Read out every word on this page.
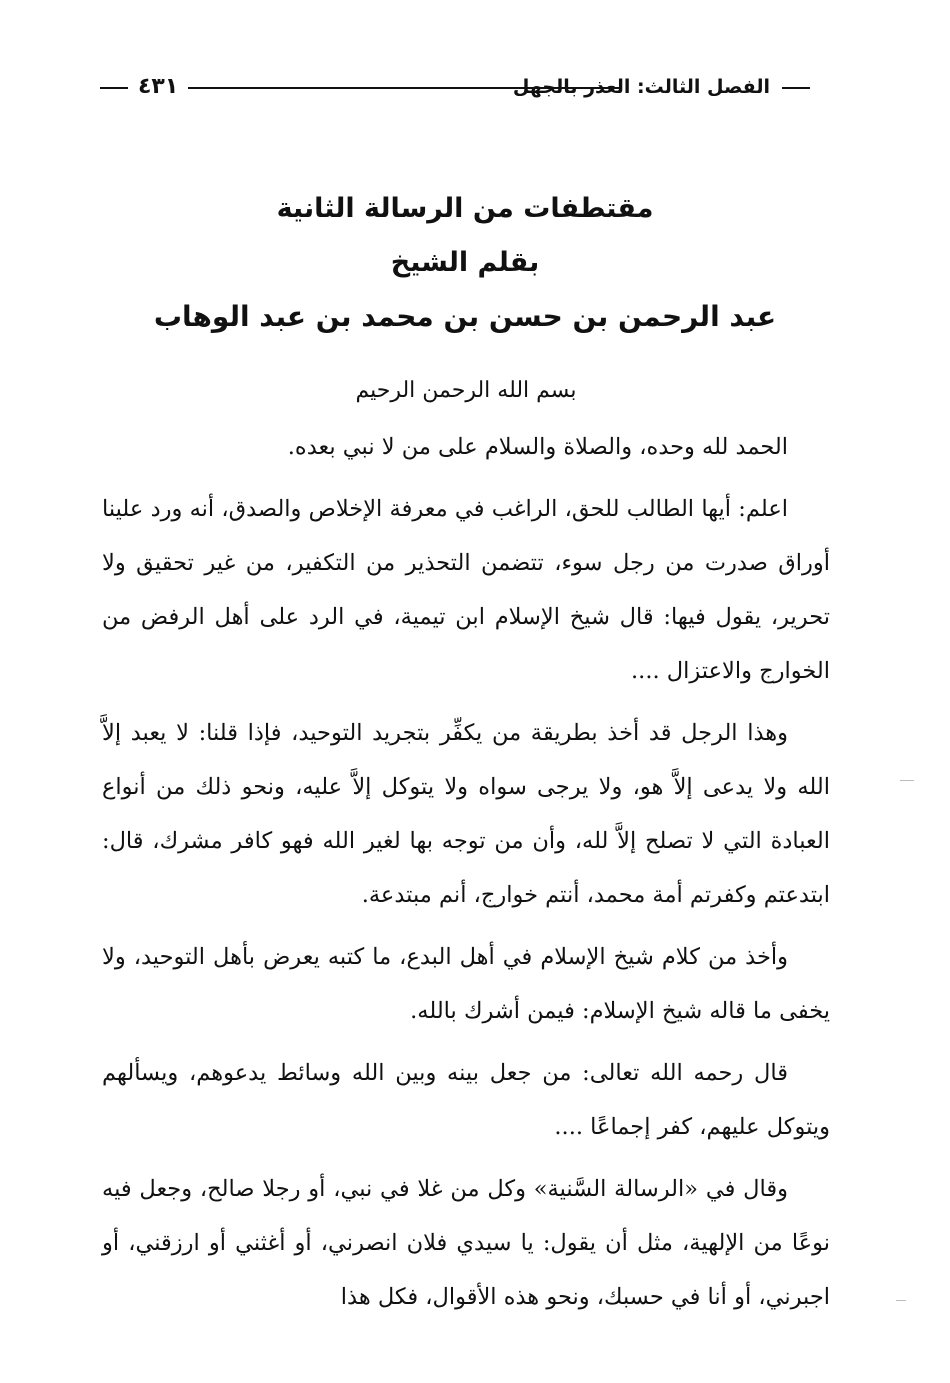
٤٣١	الفصل الثالث: العذر بالجهل
مقتطفات من الرسالة الثانية
بقلم الشيخ
عبد الرحمن بن حسن بن محمد بن عبد الوهاب

بسم الله الرحمن الرحيم

الحمد لله وحده، والصلاة والسلام على من لا نبي بعده.

اعلم: أيها الطالب للحق، الراغب في معرفة الإخلاص والصدق، أنه ورد علينا أوراق صدرت من رجل سوء، تتضمن التحذير من التكفير، من غير تحقيق ولا تحرير، يقول فيها: قال شيخ الإسلام ابن تيمية، في الرد على أهل الرفض من الخوارج والاعتزال ....

وهذا الرجل قد أخذ بطريقة من يكفِّر بتجريد التوحيد، فإذا قلنا: لا يعبد إلاَّ الله ولا يدعى إلاَّ هو، ولا يرجى سواه ولا يتوكل إلاَّ عليه، ونحو ذلك من أنواع العبادة التي لا تصلح إلاَّ لله، وأن من توجه بها لغير الله فهو كافر مشرك، قال: ابتدعتم وكفرتم أمة محمد، أنتم خوارج، أنم مبتدعة.

وأخذ من كلام شيخ الإسلام في أهل البدع، ما كتبه يعرض بأهل التوحيد، ولا يخفى ما قاله شيخ الإسلام: فيمن أشرك بالله.

قال رحمه الله تعالى: من جعل بينه وبين الله وسائط يدعوهم، ويسألهم ويتوكل عليهم، كفر إجماعًا ....

وقال في «الرسالة السَّنية» وكل من غلا في نبي، أو رجلا صالح، وجعل فيه نوعًا من الإلهية، مثل أن يقول: يا سيدي فلان انصرني، أو أغثني أو ارزقني، أو اجبرني، أو أنا في حسبك، ونحو هذه الأقوال، فكل هذا
